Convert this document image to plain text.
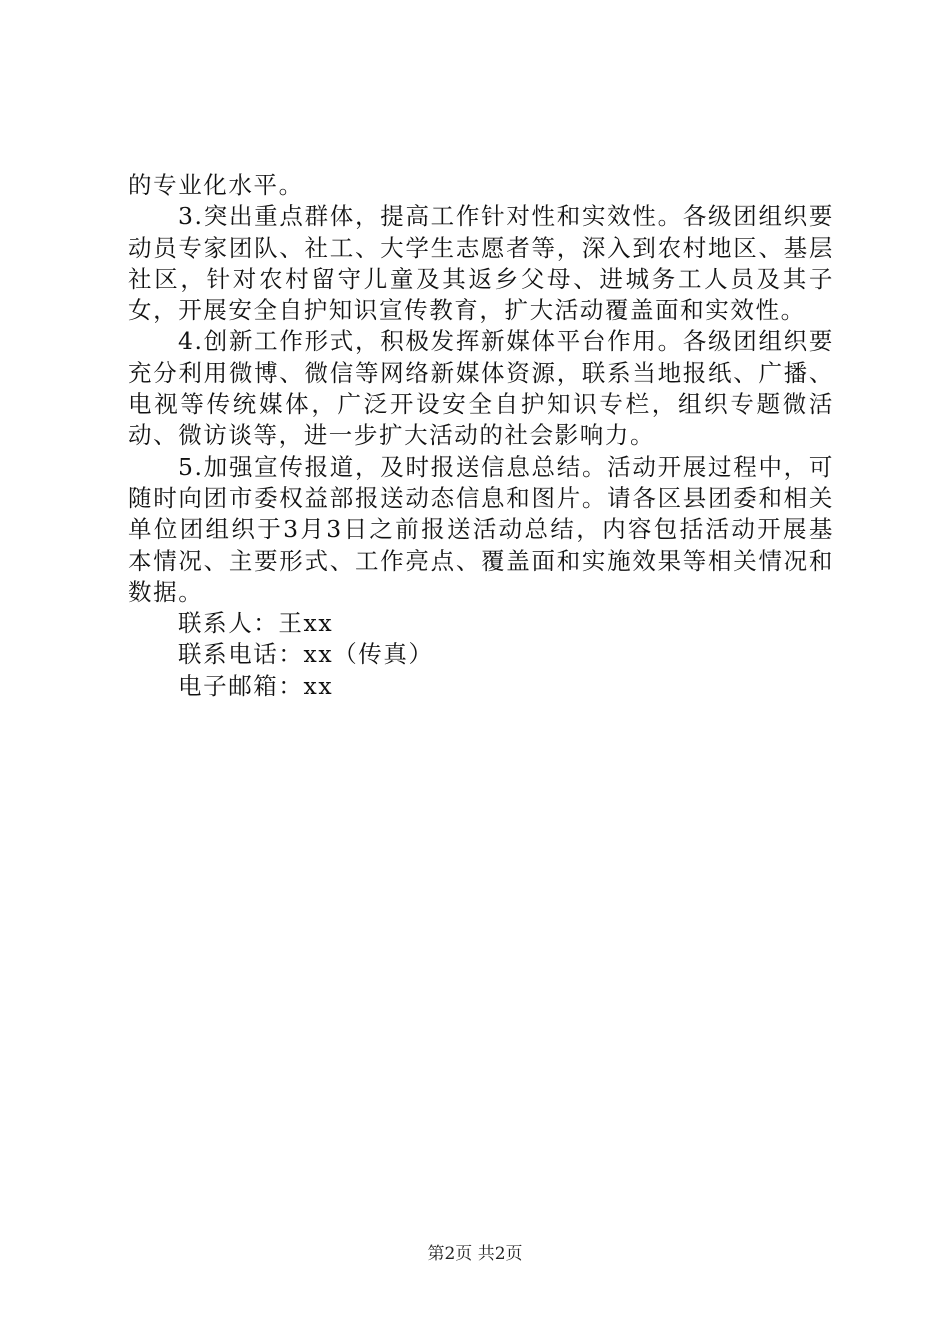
的专业化水平。

3.突出重点群体，提高工作针对性和实效性。各级团组织要动员专家团队、社工、大学生志愿者等，深入到农村地区、基层社区，针对农村留守儿童及其返乡父母、进城务工人员及其子女，开展安全自护知识宣传教育，扩大活动覆盖面和实效性。

4.创新工作形式，积极发挥新媒体平台作用。各级团组织要充分利用微博、微信等网络新媒体资源，联系当地报纸、广播、电视等传统媒体，广泛开设安全自护知识专栏，组织专题微活动、微访谈等，进一步扩大活动的社会影响力。

5.加强宣传报道，及时报送信息总结。活动开展过程中，可随时向团市委权益部报送动态信息和图片。请各区县团委和相关单位团组织于3月3日之前报送活动总结，内容包括活动开展基本情况、主要形式、工作亮点、覆盖面和实施效果等相关情况和数据。

联系人：王xx

联系电话：xx（传真）

电子邮箱：xx

第2页 共2页
